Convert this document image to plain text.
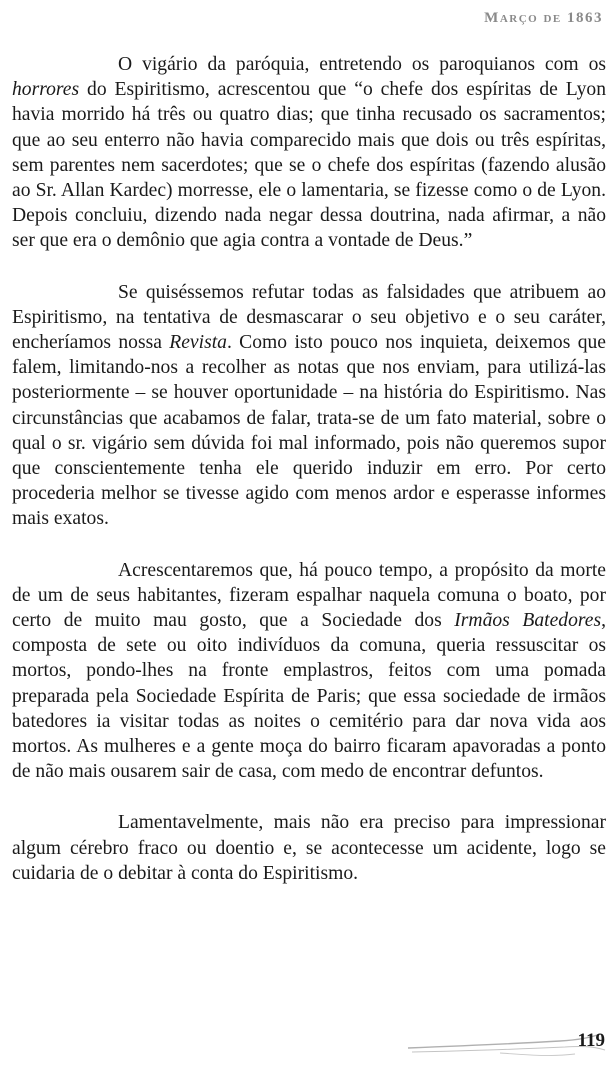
Março de 1863

O vigário da paróquia, entretendo os paroquianos com os horrores do Espiritismo, acrescentou que “o chefe dos espíritas de Lyon havia morrido há três ou quatro dias; que tinha recusado os sacramentos; que ao seu enterro não havia comparecido mais que dois ou três espíritas, sem parentes nem sacerdotes; que se o chefe dos espíritas (fazendo alusão ao Sr. Allan Kardec) morresse, ele o lamentaria, se fizesse como o de Lyon. Depois concluiu, dizendo nada negar dessa doutrina, nada afirmar, a não ser que era o demônio que agia contra a vontade de Deus.”

Se quiséssemos refutar todas as falsidades que atribuem ao Espiritismo, na tentativa de desmascarar o seu objetivo e o seu caráter, encheríamos nossa Revista. Como isto pouco nos inquieta, deixemos que falem, limitando-nos a recolher as notas que nos enviam, para utilizá-las posteriormente – se houver oportunidade – na história do Espiritismo. Nas circunstâncias que acabamos de falar, trata-se de um fato material, sobre o qual o sr. vigário sem dúvida foi mal informado, pois não queremos supor que conscientemente tenha ele querido induzir em erro. Por certo procederia melhor se tivesse agido com menos ardor e esperasse informes mais exatos.

Acrescentaremos que, há pouco tempo, a propósito da morte de um de seus habitantes, fizeram espalhar naquela comuna o boato, por certo de muito mau gosto, que a Sociedade dos Irmãos Batedores, composta de sete ou oito indivíduos da comuna, queria ressuscitar os mortos, pondo-lhes na fronte emplastros, feitos com uma pomada preparada pela Sociedade Espírita de Paris; que essa sociedade de irmãos batedores ia visitar todas as noites o cemitério para dar nova vida aos mortos. As mulheres e a gente moça do bairro ficaram apavoradas a ponto de não mais ousarem sair de casa, com medo de encontrar defuntos.

Lamentavelmente, mais não era preciso para impressionar algum cérebro fraco ou doentio e, se acontecesse um acidente, logo se cuidaria de o debitar à conta do Espiritismo.

119
